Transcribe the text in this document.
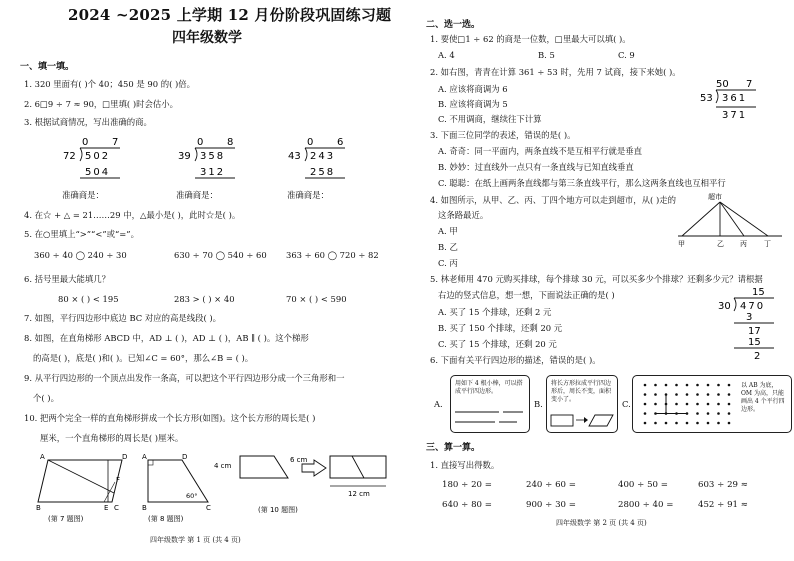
2024 ~2025 上学期 12 月份阶段巩固练习题
四年级数学
一、填一填。
1. 320 里面有( )个 40；450 是 90 的( )倍。
2. 6□9 ÷ 7 ≈ 90，□里填( )时会估小。
3. 根据试商情况，写出准确的商。
0 7
72 502
504
0 8
39 358
312
0 6
43 243
258
准确商是：	准确商是：	准确商是：
4. 在☆ + △ = 21……29 中，△最小是( )，此时☆是( )。
5. 在○里填上“>”“<”或“=”。
360 ÷ 40 ◯ 240 ÷ 30	630 ÷ 70 ◯ 540 ÷ 60 363 ÷ 60 ◯ 720 ÷ 82
6. 括号里最大能填几？
80 × ( ) < 195	283 > ( ) × 40	70 × ( ) < 590
7. 如图，平行四边形中底边 BC 对应的高是线段( )。
8. 如图，在直角梯形 ABCD 中，AD ⊥ ( )，AD ⊥ ( )，AB ∥ ( )。这个梯形
的高是( )，底是( )和( )。已知∠C = 60°，那么∠B = ( )。
9. 从平行四边形的一个顶点出发作一条高，可以把这个平行四边形分成一个三角形和一
个( )。
10. 把两个完全一样的直角梯形拼成一个长方形(如图)。这个长方形的周长是( )
厘米，一个直角梯形的周长是( )厘米。
A
B	C
D
E
F
(第 7 题图)
A
B	C
D
60°
(第 8 题图)
4 cm
6 cm
12 cm
(第 10 题图)
四年级数学 第 1 页 (共 4 页)
二、选一选。
1. 要使□1 ÷ 62 的商是一位数，□里最大可以填( )。
A. 4	B. 5	C. 9
2. 如右图，青青在计算 361 ÷ 53 时，先用 7 试商，接下来她( )。
A. 应该将商调为 6
B. 应该将商调为 5
C. 不用调商，继续往下计算
50 7
53 361
371
3. 下面三位同学的表述，错误的是( )。
A. 奇奇：同一平面内，两条直线不是互相平行就是垂直
B. 妙妙：过直线外一点只有一条直线与已知直线垂直
C. 聪聪：在纸上画两条直线都与第三条直线平行，那么这两条直线也互相平行
4. 如图所示，从甲、乙、丙、丁四个地方可以走到超市，从( )走的
这条路最近。
A. 甲
B. 乙
C. 丙
超市
甲	乙 丙 丁
5. 林老师用 470 元购买排球，每个排球 30 元，可以买多少个排球？还剩多少元？请根据
右边的竖式信息，想一想，下面说法正确的是( )
A. 买了 15 个排球，还剩 2 元
B. 买了 150 个排球，还剩 20 元
C. 买了 15 个排球，还剩 20 元
15
30 470
3
17
15
2
6. 下面有关平行四边形的描述，错误的是( )。
A.
用如下 4 根小棒，可以搭成平行四边形。
B.
将长方形拉成平行四边形后，周长不变，面积变小了。	C.
以 AB 为底，OM 为高，只能画出 4 个平行四边形。
三、算一算。
1. 直接写出得数。
180 ÷ 20 =	240 ÷ 60 =	400 ÷ 50 =	603 ÷ 29 ≈
640 ÷ 80 =	900 ÷ 30 =	2800 ÷ 40 =	452 ÷ 91 ≈
四年级数学 第 2 页 (共 4 页)
